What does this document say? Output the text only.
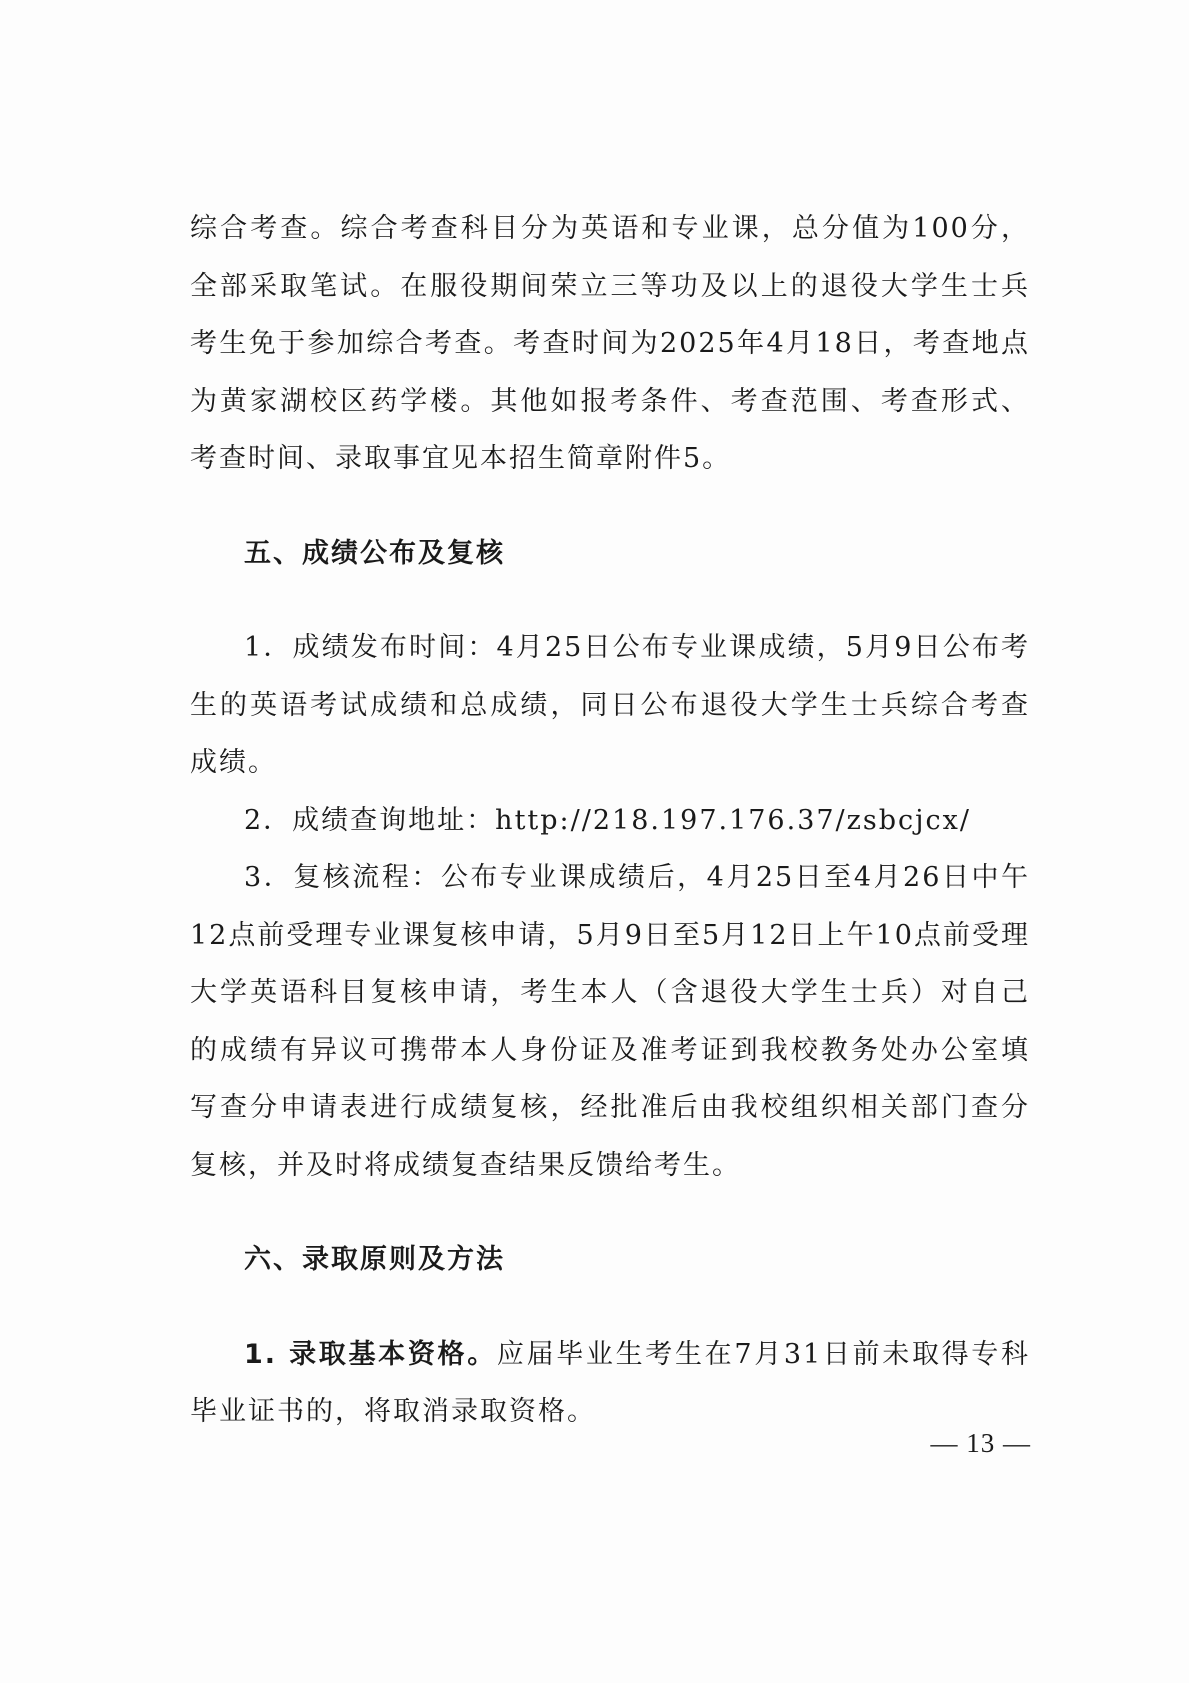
综合考查。综合考查科目分为英语和专业课，总分值为100分，全部采取笔试。在服役期间荣立三等功及以上的退役大学生士兵考生免于参加综合考查。考查时间为2025年4月18日，考查地点为黄家湖校区药学楼。其他如报考条件、考查范围、考查形式、考查时间、录取事宜见本招生简章附件5。

五、成绩公布及复核

1．成绩发布时间：4月25日公布专业课成绩，5月9日公布考生的英语考试成绩和总成绩，同日公布退役大学生士兵综合考查成绩。

2．成绩查询地址：http://218.197.176.37/zsbcjcx/

3．复核流程：公布专业课成绩后，4月25日至4月26日中午12点前受理专业课复核申请，5月9日至5月12日上午10点前受理大学英语科目复核申请，考生本人（含退役大学生士兵）对自己的成绩有异议可携带本人身份证及准考证到我校教务处办公室填写查分申请表进行成绩复核，经批准后由我校组织相关部门查分复核，并及时将成绩复查结果反馈给考生。

六、录取原则及方法

1. 录取基本资格。应届毕业生考生在7月31日前未取得专科毕业证书的，将取消录取资格。

— 13 —
